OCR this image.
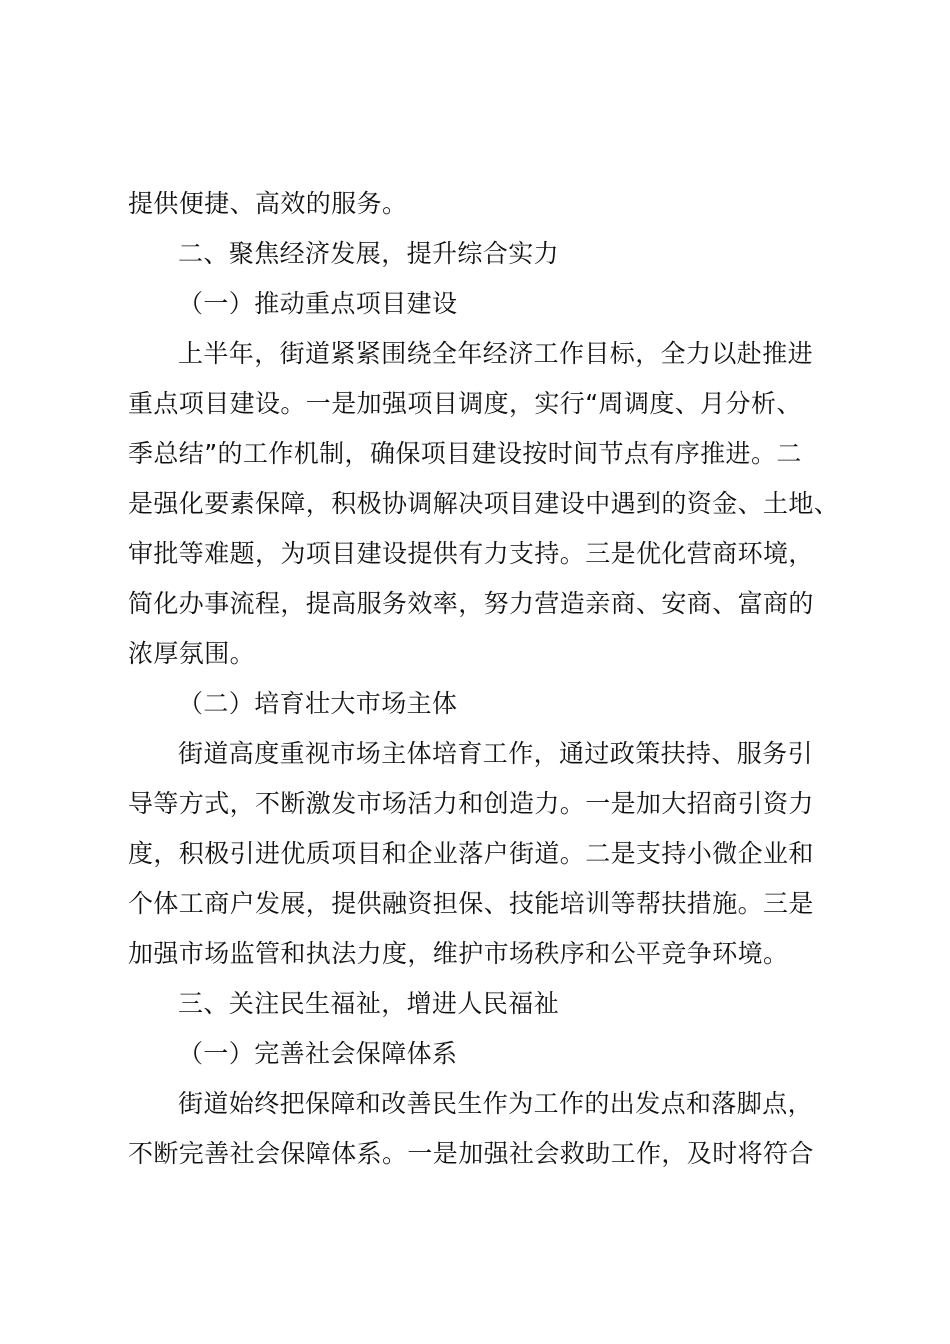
提供便捷、高效的服务。
二、聚焦经济发展，提升综合实力
（一）推动重点项目建设
上半年，街道紧紧围绕全年经济工作目标，全力以赴推进
重点项目建设。一是加强项目调度，实行“周调度、月分析、
季总结”的工作机制，确保项目建设按时间节点有序推进。二
是强化要素保障，积极协调解决项目建设中遇到的资金、土地、
审批等难题，为项目建设提供有力支持。三是优化营商环境，
简化办事流程，提高服务效率，努力营造亲商、安商、富商的
浓厚氛围。
（二）培育壮大市场主体
街道高度重视市场主体培育工作，通过政策扶持、服务引
导等方式，不断激发市场活力和创造力。一是加大招商引资力
度，积极引进优质项目和企业落户街道。二是支持小微企业和
个体工商户发展，提供融资担保、技能培训等帮扶措施。三是
加强市场监管和执法力度，维护市场秩序和公平竞争环境。
三、关注民生福祉，增进人民福祉
（一）完善社会保障体系
街道始终把保障和改善民生作为工作的出发点和落脚点，
不断完善社会保障体系。一是加强社会救助工作，及时将符合
